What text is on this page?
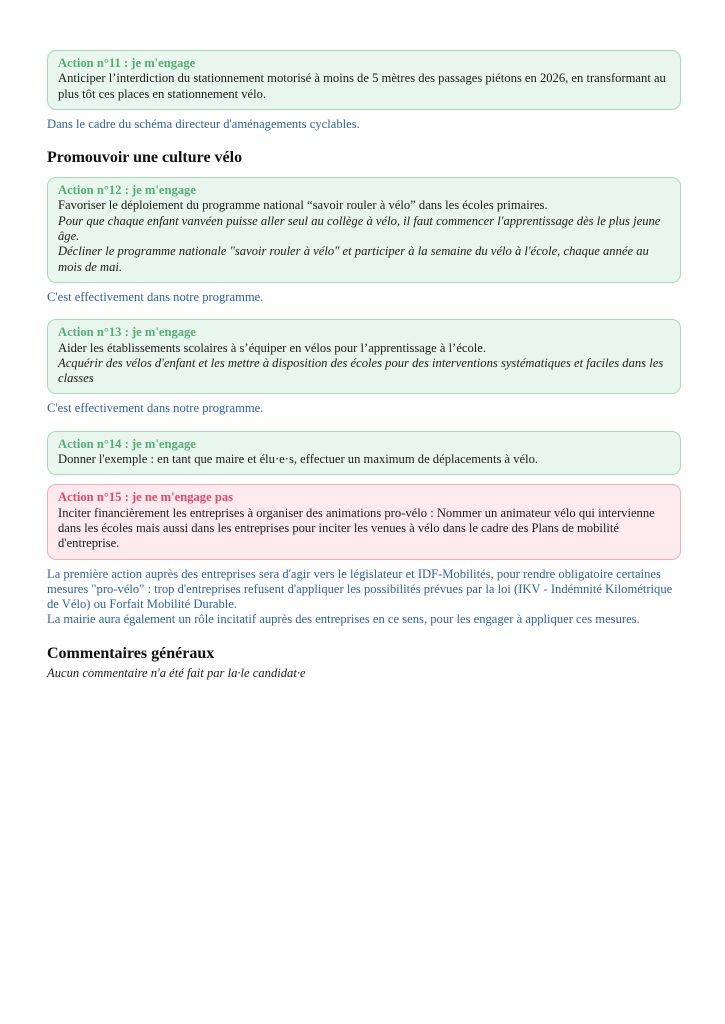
Action n°11 : je m'engage
Anticiper l’interdiction du stationnement motorisé à moins de 5 mètres des passages piétons en 2026, en transformant au plus tôt ces places en stationnement vélo.
Dans le cadre du schéma directeur d'aménagements cyclables.
Promouvoir une culture vélo
Action n°12 : je m'engage
Favoriser le déploiement du programme national “savoir rouler à vélo” dans les écoles primaires.
Pour que chaque enfant vanvéen puisse aller seul au collège à vélo, il faut commencer l'apprentissage dès le plus jeune âge.
Décliner le programme nationale "savoir rouler à vélo" et participer à la semaine du vélo à l'école, chaque année au mois de mai.
C'est effectivement dans notre programme.
Action n°13 : je m'engage
Aider les établissements scolaires à s’équiper en vélos pour l’apprentissage à l’école.
Acquérir des vélos d'enfant et les mettre à disposition des écoles pour des interventions systématiques et faciles dans les classes
C'est effectivement dans notre programme.
Action n°14 : je m'engage
Donner l'exemple : en tant que maire et élu·e·s, effectuer un maximum de déplacements à vélo.
Action n°15 : je ne m'engage pas
Inciter financièrement les entreprises à organiser des animations pro-vélo : Nommer un animateur vélo qui intervienne dans les écoles mais aussi dans les entreprises pour inciter les venues à vélo dans le cadre des Plans de mobilité d'entreprise.
La première action auprès des entreprises sera d'agir vers le législateur et IDF-Mobilités, pour rendre obligatoire certaines mesures "pro-vélo" : trop d'entreprises refusent d'appliquer les possibilités prévues par la loi (IKV - Indémnité Kilométrique de Vélo) ou Forfait Mobilité Durable.
La mairie aura également un rôle incitatif auprès des entreprises en ce sens, pour les engager à appliquer ces mesures.
Commentaires généraux
Aucun commentaire n'a été fait par la·le candidat·e
